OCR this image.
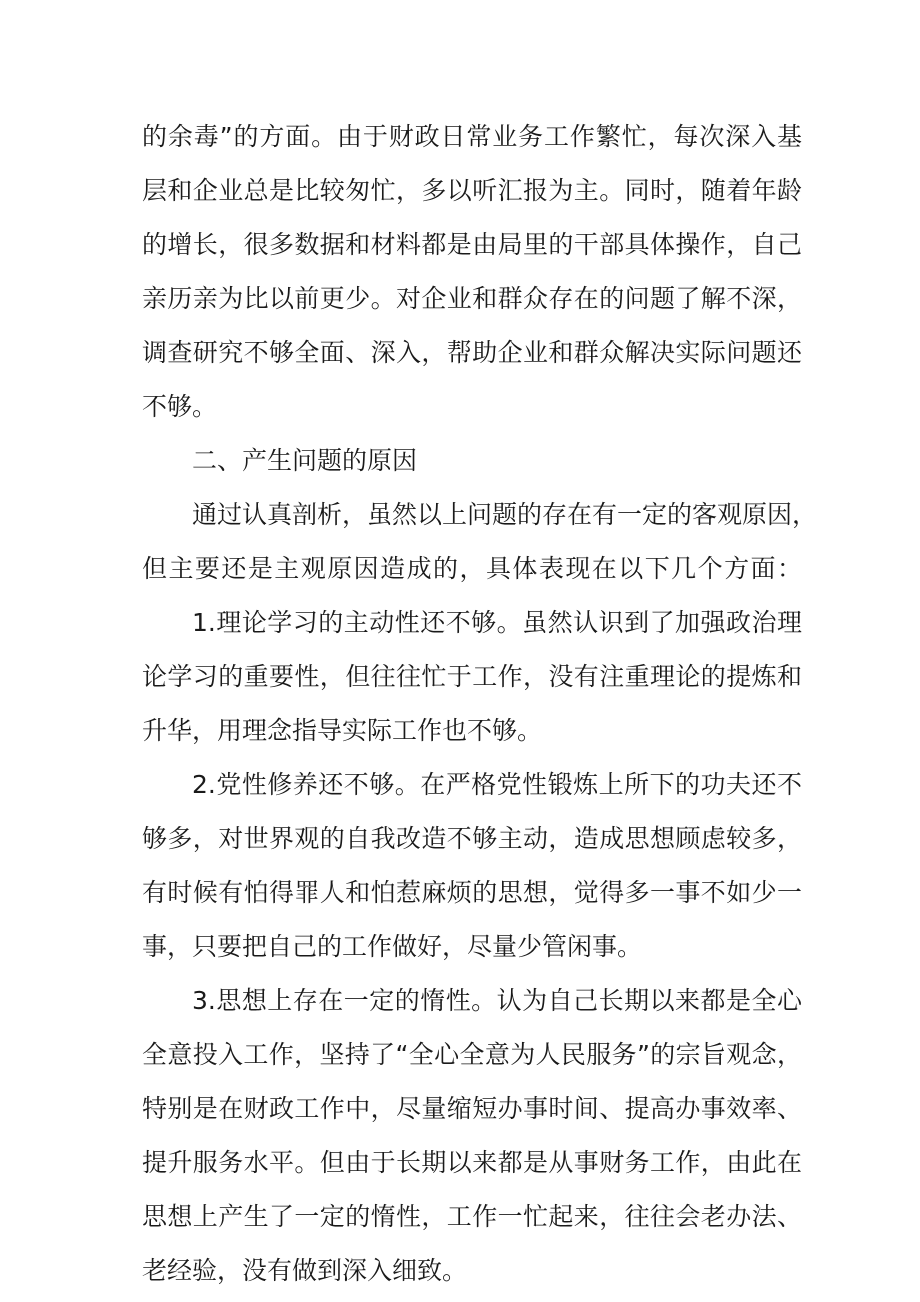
的余毒”的方面。由于财政日常业务工作繁忙，每次深入基
层和企业总是比较匆忙，多以听汇报为主。同时，随着年龄
的增长，很多数据和材料都是由局里的干部具体操作，自己
亲历亲为比以前更少。对企业和群众存在的问题了解不深，
调查研究不够全面、深入，帮助企业和群众解决实际问题还
不够。

二、产生问题的原因

通过认真剖析，虽然以上问题的存在有一定的客观原因，
但主要还是主观原因造成的，具体表现在以下几个方面：

1.理论学习的主动性还不够。虽然认识到了加强政治理
论学习的重要性，但往往忙于工作，没有注重理论的提炼和
升华，用理念指导实际工作也不够。

2.党性修养还不够。在严格党性锻炼上所下的功夫还不
够多，对世界观的自我改造不够主动，造成思想顾虑较多，
有时候有怕得罪人和怕惹麻烦的思想，觉得多一事不如少一
事，只要把自己的工作做好，尽量少管闲事。

3.思想上存在一定的惰性。认为自己长期以来都是全心
全意投入工作，坚持了“全心全意为人民服务”的宗旨观念，
特别是在财政工作中，尽量缩短办事时间、提高办事效率、
提升服务水平。但由于长期以来都是从事财务工作，由此在
思想上产生了一定的惰性，工作一忙起来，往往会老办法、
老经验，没有做到深入细致。
